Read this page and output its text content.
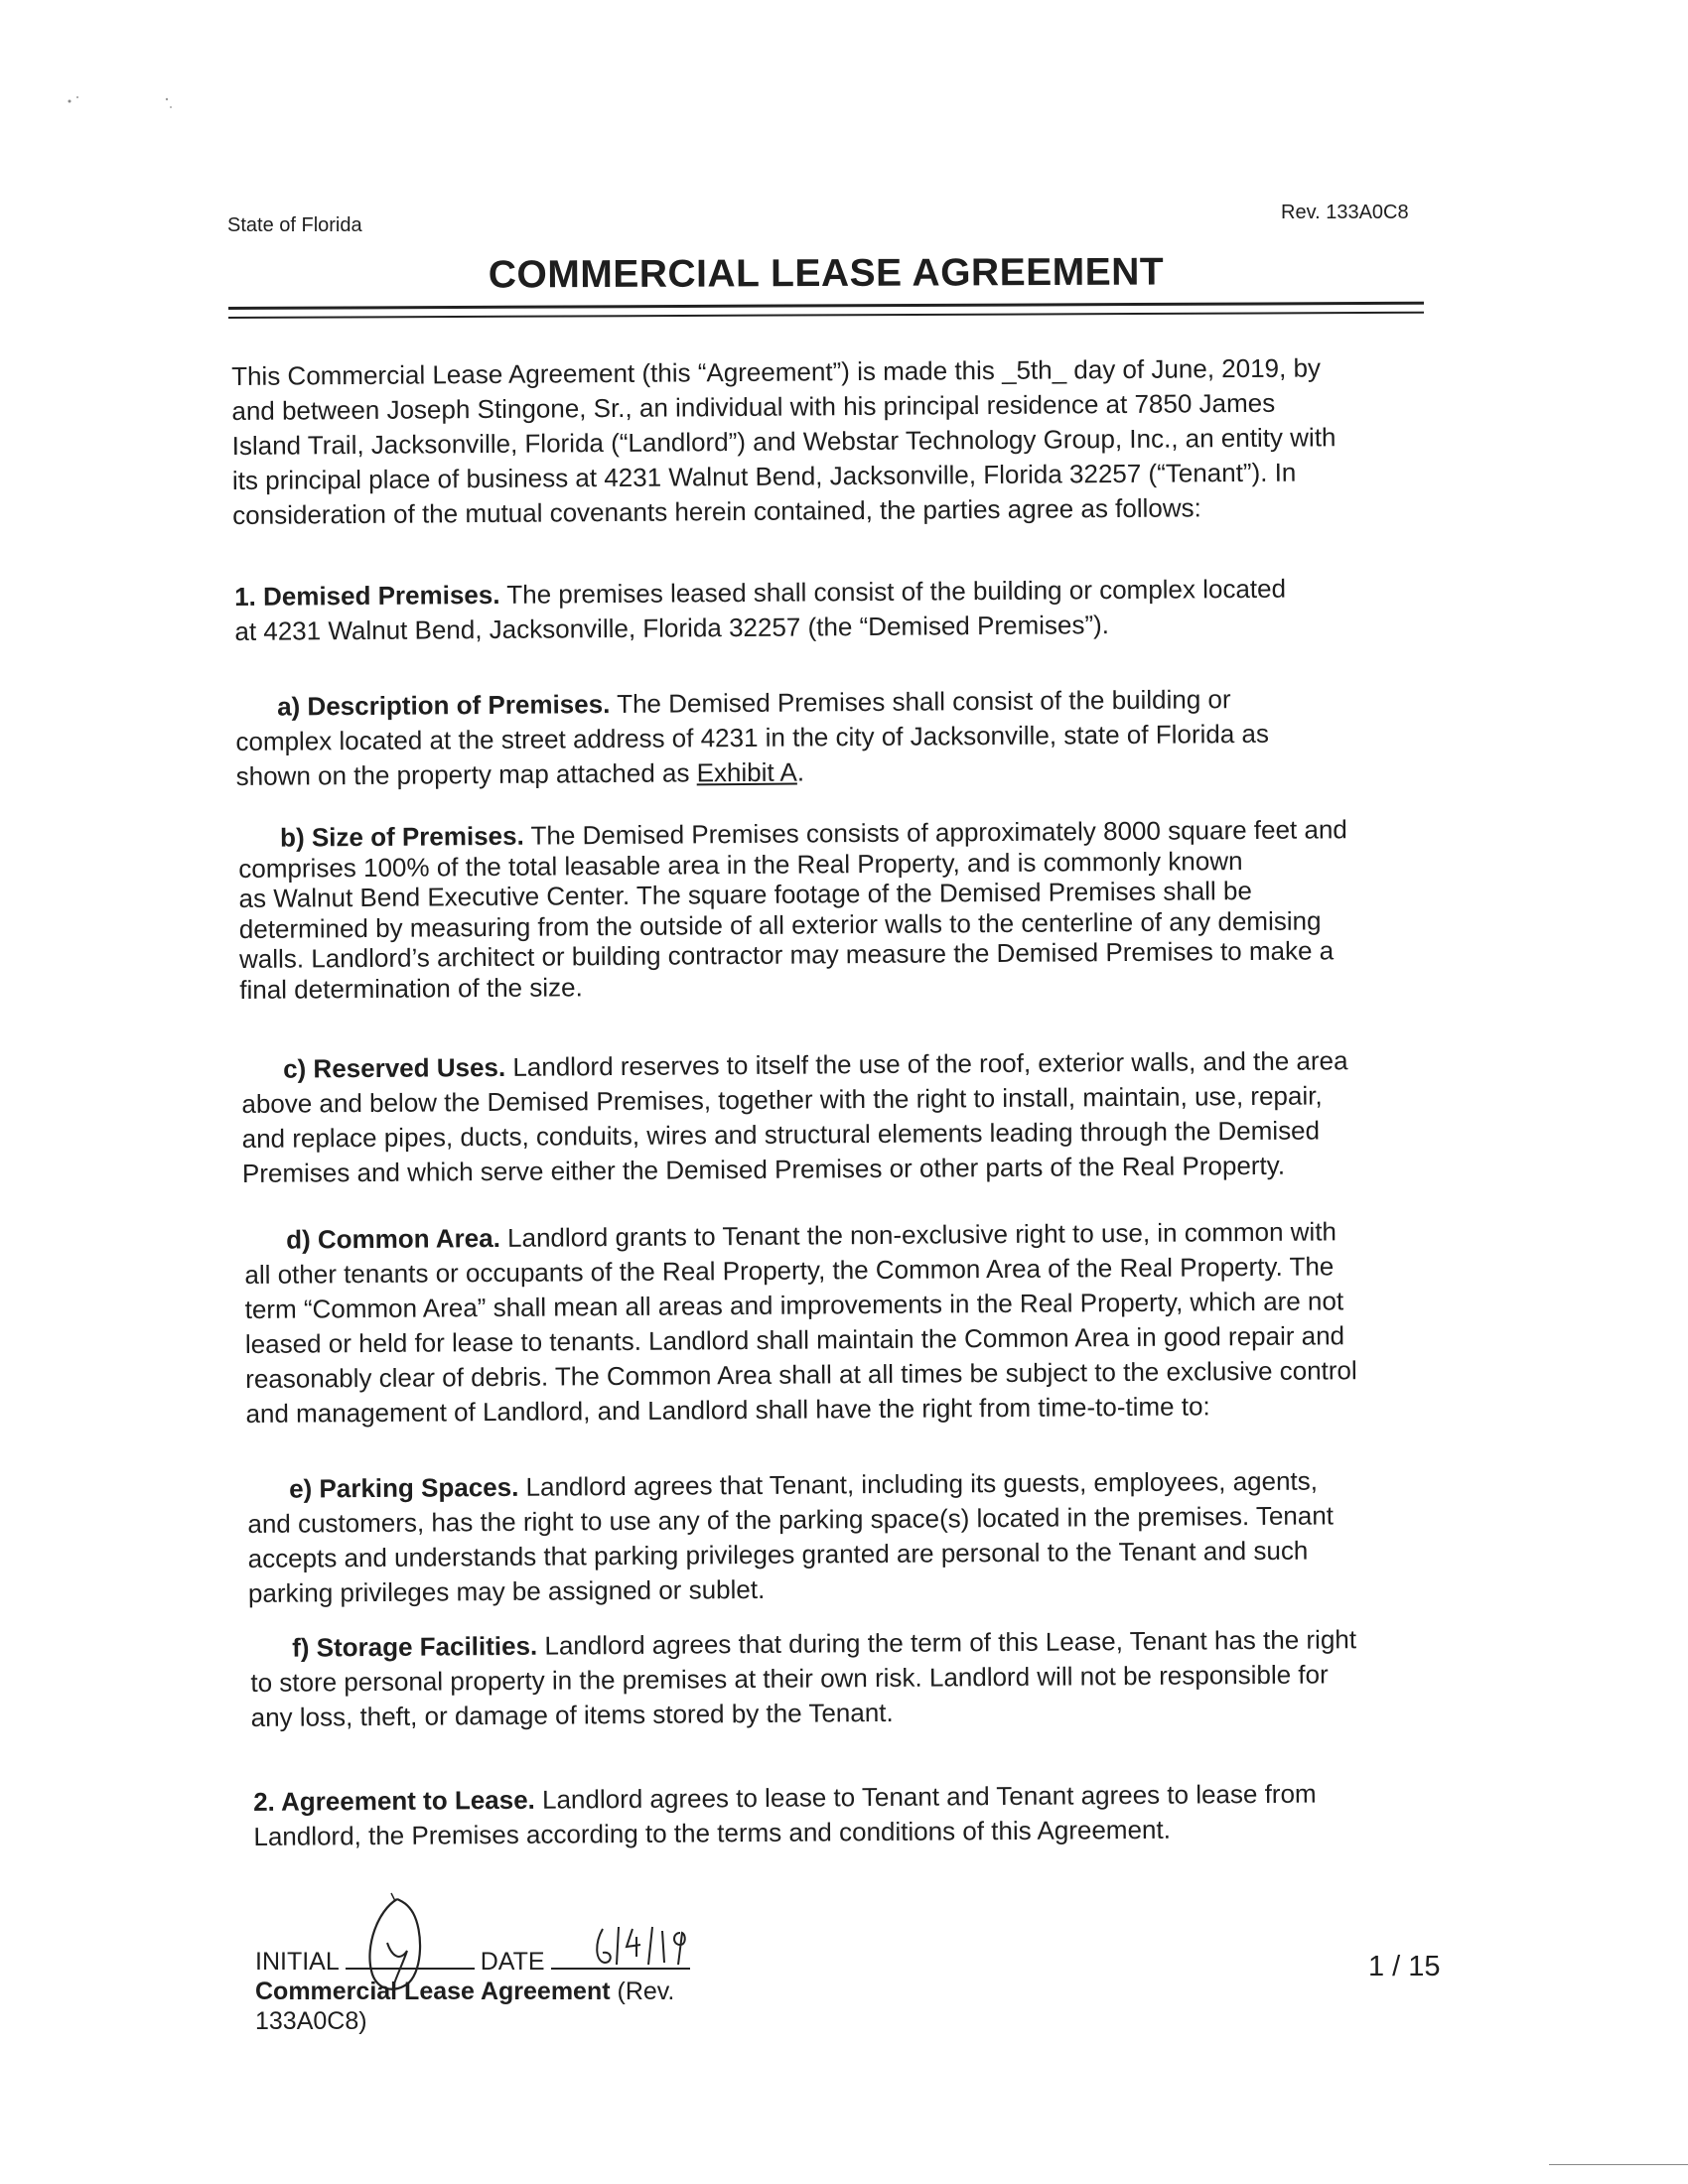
State of Florida
Rev. 133A0C8
COMMERCIAL LEASE AGREEMENT
This Commercial Lease Agreement (this “Agreement”) is made this _5th_ day of June, 2019, by
and between Joseph Stingone, Sr., an individual with his principal residence at 7850 James
Island Trail, Jacksonville, Florida (“Landlord”) and Webstar Technology Group, Inc., an entity with
its principal place of business at 4231 Walnut Bend, Jacksonville, Florida 32257 (“Tenant”). In
consideration of the mutual covenants herein contained, the parties agree as follows:
1. Demised Premises. The premises leased shall consist of the building or complex located
at 4231 Walnut Bend, Jacksonville, Florida 32257 (the “Demised Premises”).
a) Description of Premises. The Demised Premises shall consist of the building or
complex located at the street address of 4231 in the city of Jacksonville, state of Florida as
shown on the property map attached as Exhibit A.
b) Size of Premises. The Demised Premises consists of approximately 8000 square feet and
comprises 100% of the total leasable area in the Real Property, and is commonly known
as Walnut Bend Executive Center. The square footage of the Demised Premises shall be
determined by measuring from the outside of all exterior walls to the centerline of any demising
walls. Landlord’s architect or building contractor may measure the Demised Premises to make a
final determination of the size.
c) Reserved Uses. Landlord reserves to itself the use of the roof, exterior walls, and the area
above and below the Demised Premises, together with the right to install, maintain, use, repair,
and replace pipes, ducts, conduits, wires and structural elements leading through the Demised
Premises and which serve either the Demised Premises or other parts of the Real Property.
d) Common Area. Landlord grants to Tenant the non-exclusive right to use, in common with
all other tenants or occupants of the Real Property, the Common Area of the Real Property. The
term “Common Area” shall mean all areas and improvements in the Real Property, which are not
leased or held for lease to tenants. Landlord shall maintain the Common Area in good repair and
reasonably clear of debris. The Common Area shall at all times be subject to the exclusive control
and management of Landlord, and Landlord shall have the right from time-to-time to:
e) Parking Spaces. Landlord agrees that Tenant, including its guests, employees, agents,
and customers, has the right to use any of the parking space(s) located in the premises. Tenant
accepts and understands that parking privileges granted are personal to the Tenant and such
parking privileges may be assigned or sublet.
f) Storage Facilities. Landlord agrees that during the term of this Lease, Tenant has the right
to store personal property in the premises at their own risk. Landlord will not be responsible for
any loss, theft, or damage of items stored by the Tenant.
2. Agreement to Lease. Landlord agrees to lease to Tenant and Tenant agrees to lease from
Landlord, the Premises according to the terms and conditions of this Agreement.
INITIAL	DATE
Commercial Lease Agreement (Rev.
133A0C8)
1 / 15
